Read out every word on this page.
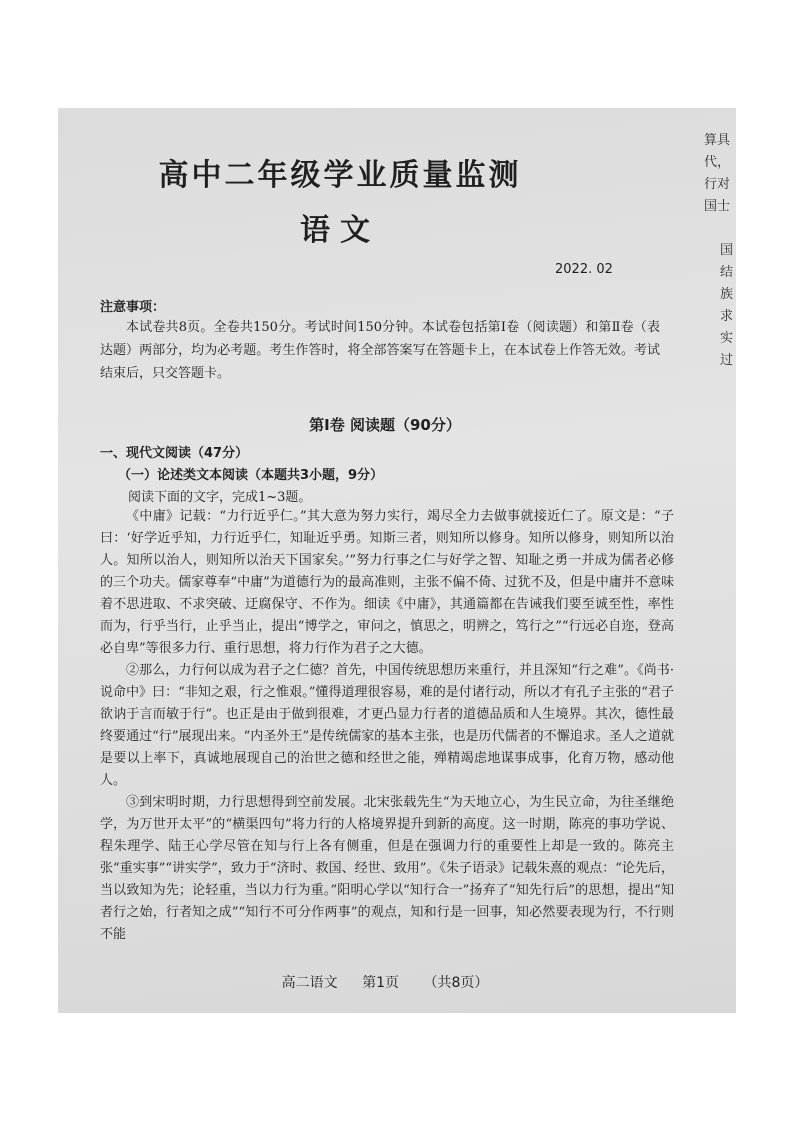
算具
代，
行对
国士

国
结
族
求
实
过
高中二年级学业质量监测
语文
2022. 02
注意事项：
本试卷共8页。全卷共150分。考试时间150分钟。本试卷包括第Ⅰ卷（阅读题）和第Ⅱ卷（表达题）两部分，均为必考题。考生作答时，将全部答案写在答题卡上，在本试卷上作答无效。考试结束后，只交答题卡。
第Ⅰ卷 阅读题（90分）
一、现代文阅读（47分）
（一）论述类文本阅读（本题共3小题，9分）
阅读下面的文字，完成1~3题。

《中庸》记载：“力行近乎仁。”其大意为努力实行，竭尽全力去做事就接近仁了。原文是：“子曰：‘好学近乎知，力行近乎仁，知耻近乎勇。知斯三者，则知所以修身。知所以修身，则知所以治人。知所以治人，则知所以治天下国家矣。’”努力行事之仁与好学之智、知耻之勇一并成为儒者必修的三个功夫。儒家尊奉“中庸”为道德行为的最高准则，主张不偏不倚、过犹不及，但是中庸并不意味着不思进取、不求突破、迂腐保守、不作为。细读《中庸》，其通篇都在告诫我们要至诚至性，率性而为，行乎当行，止乎当止，提出“博学之，审问之，慎思之，明辨之，笃行之”“行远必自迩，登高必自卑”等很多力行、重行思想，将力行作为君子之大德。

②那么，力行何以成为君子之仁德？首先，中国传统思想历来重行，并且深知“行之难”。《尚书·说命中》曰：“非知之艰，行之惟艰。”懂得道理很容易，难的是付诸行动，所以才有孔子主张的“君子欲讷于言而敏于行”。也正是由于做到很难，才更凸显力行者的道德品质和人生境界。其次，德性最终要通过“行”展现出来。“内圣外王”是传统儒家的基本主张，也是历代儒者的不懈追求。圣人之道就是要以上率下，真诚地展现自己的治世之德和经世之能，殚精竭虑地谋事成事，化育万物，感动他人。

③到宋明时期，力行思想得到空前发展。北宋张载先生“为天地立心，为生民立命，为往圣继绝学，为万世开太平”的“横渠四句”将力行的人格境界提升到新的高度。这一时期，陈亮的事功学说、程朱理学、陆王心学尽管在知与行上各有侧重，但是在强调力行的重要性上却是一致的。陈亮主张“重实事”“讲实学”，致力于“济时、救国、经世、致用”。《朱子语录》记载朱熹的观点：“论先后，当以致知为先；论轻重，当以力行为重。”阳明心学以“知行合一”扬弃了“知先行后”的思想，提出“知者行之始，行者知之成”“知行不可分作两事”的观点，知和行是一回事，知必然要表现为行，不行则不能

高二语文 第1页 （共8页）
